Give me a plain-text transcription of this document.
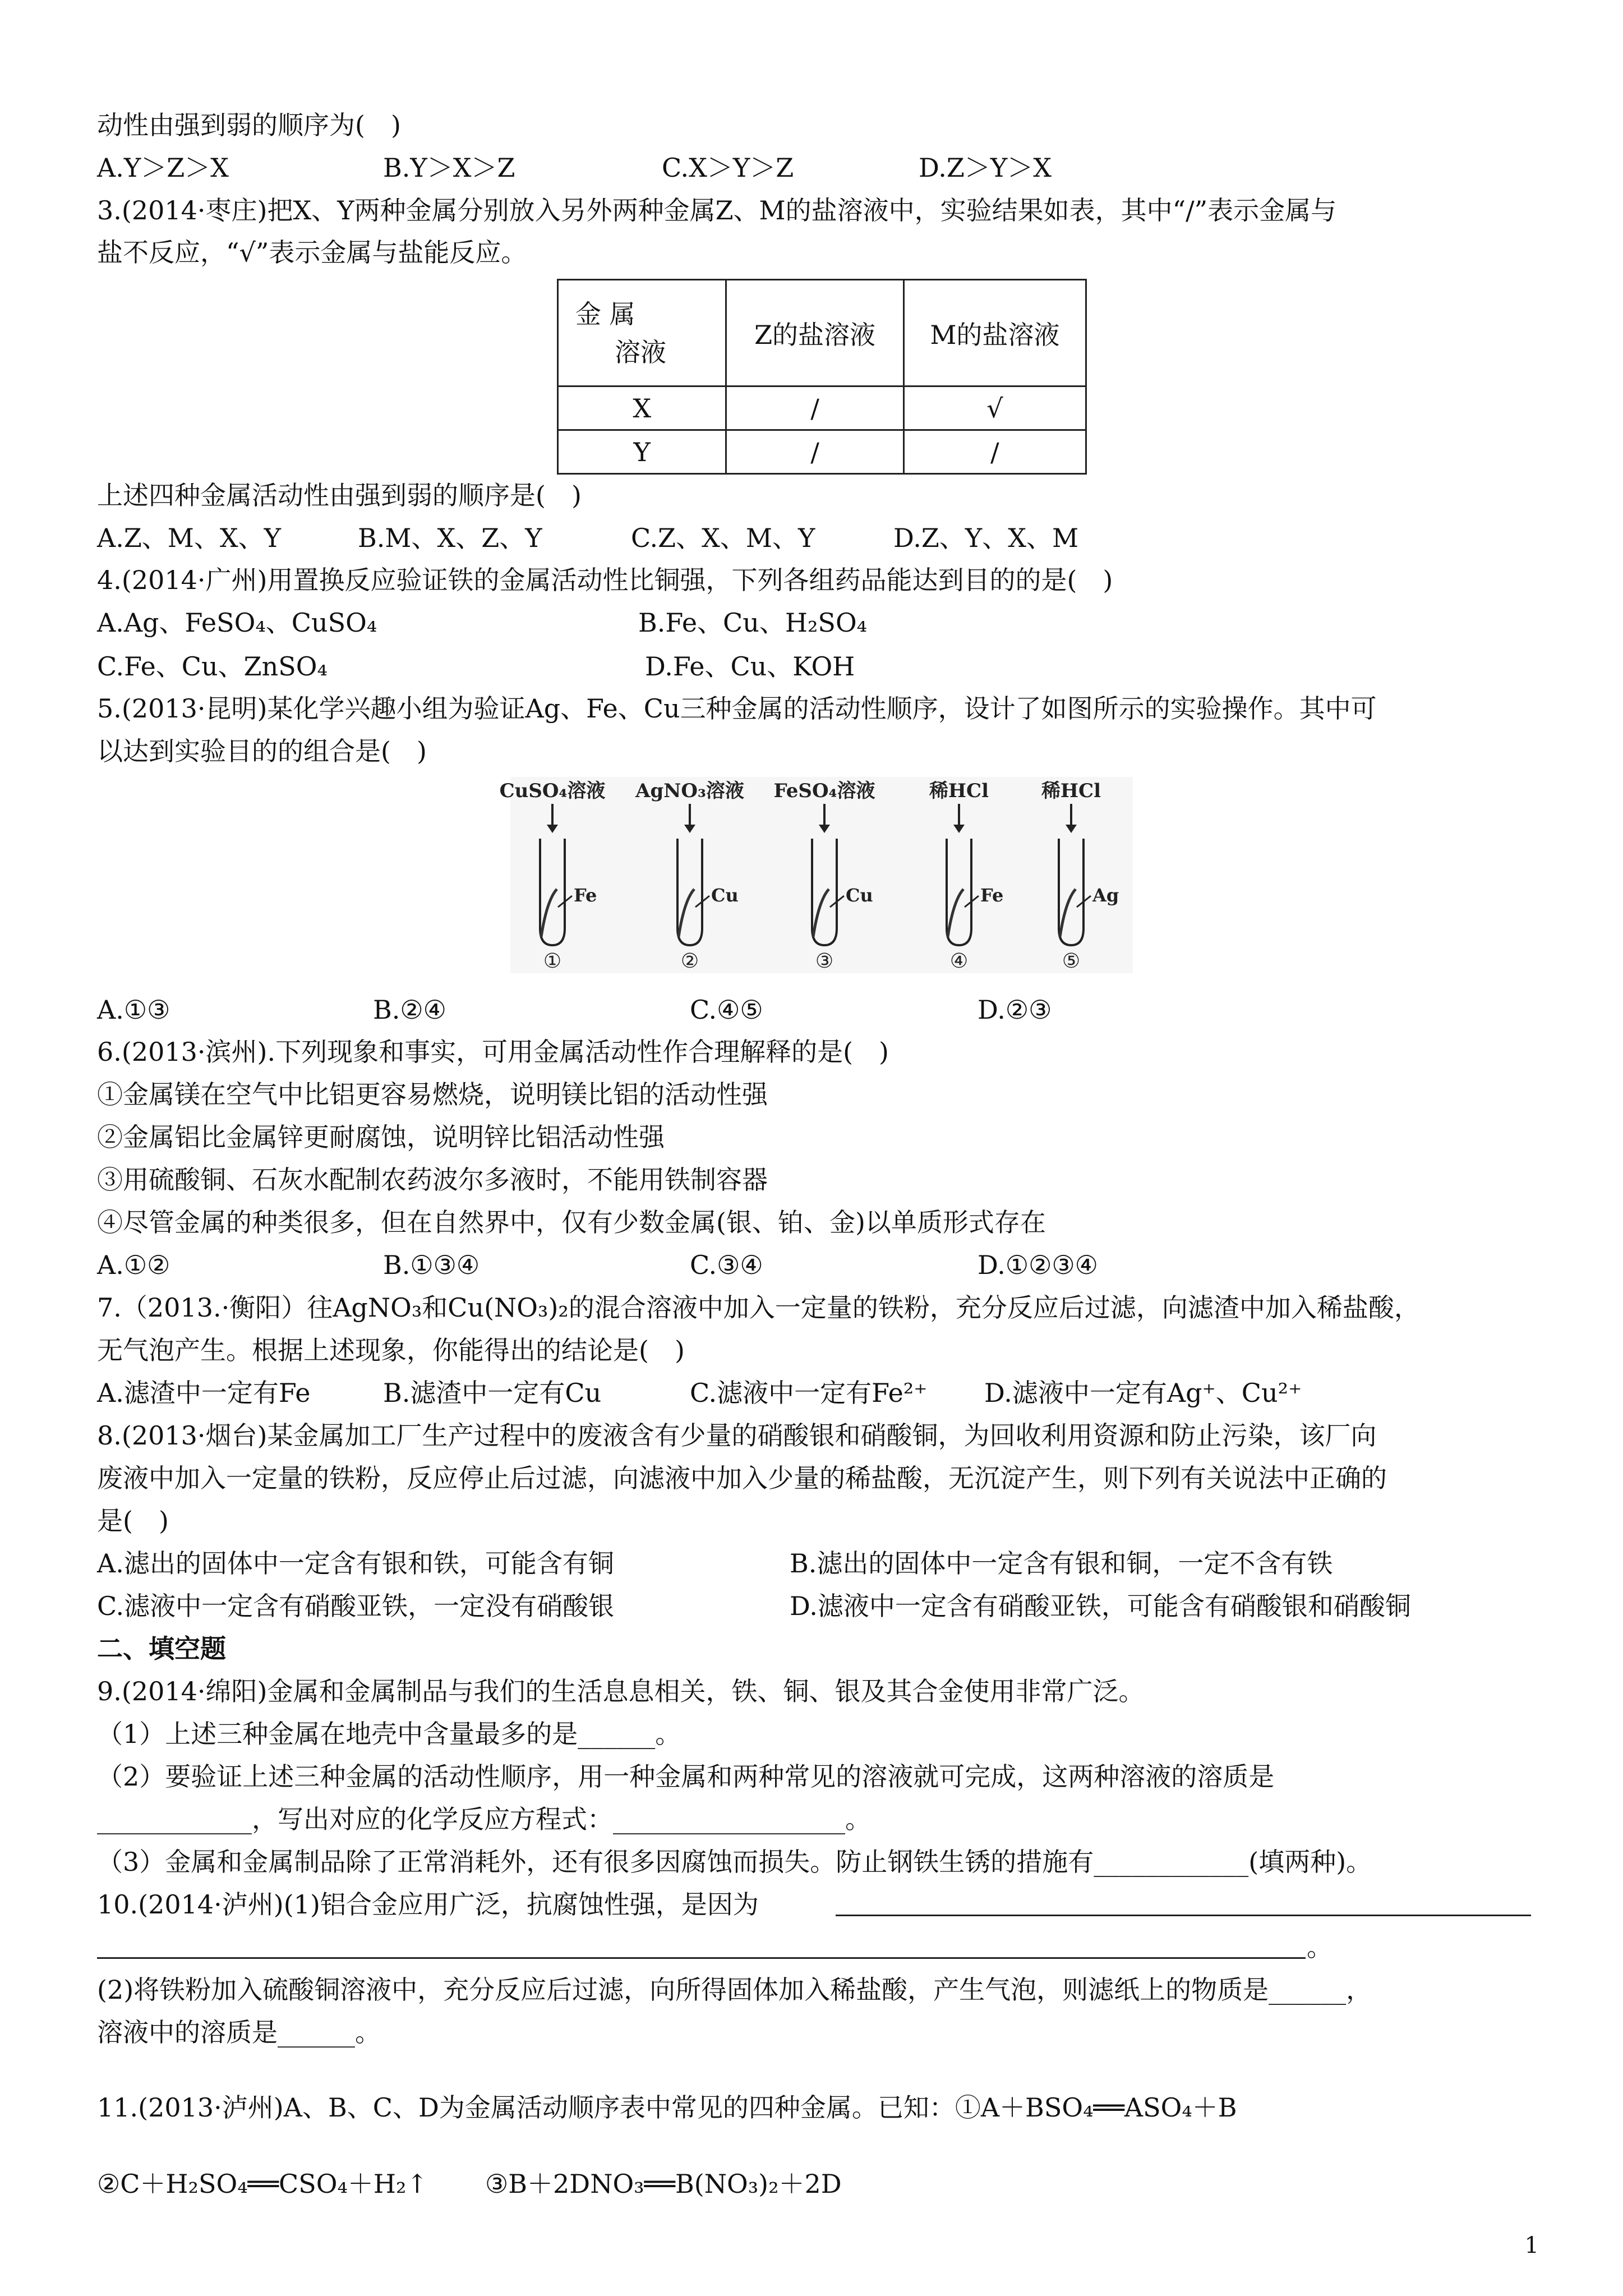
动性由强到弱的顺序为(　)
A.Y＞Z＞X	B.Y＞X＞Z	C.X＞Y＞Z	D.Z＞Y＞X
3.(2014·枣庄)把X、Y两种金属分别放入另外两种金属Z、M的盐溶液中，实验结果如表，其中“/”表示金属与
盐不反应，“√”表示金属与盐能反应。
金 属
溶液	Z的盐溶液	M的盐溶液
X	/	√
Y	/	/
上述四种金属活动性由强到弱的顺序是(　)
A.Z、M、X、Y	B.M、X、Z、Y	C.Z、X、M、Y	D.Z、Y、X、M
4.(2014·广州)用置换反应验证铁的金属活动性比铜强，下列各组药品能达到目的的是(　)
A.Ag、FeSO₄、CuSO₄	B.Fe、Cu、H₂SO₄
C.Fe、Cu、ZnSO₄	D.Fe、Cu、KOH
5.(2013·昆明)某化学兴趣小组为验证Ag、Fe、Cu三种金属的活动性顺序，设计了如图所示的实验操作。其中可
以达到实验目的的组合是(　)
CuSO₄溶液
Fe
①
AgNO₃溶液
Cu
②
FeSO₄溶液
Cu
③
稀HCl
Fe
④
稀HCl
Ag
⑤
A.①③	B.②④	C.④⑤	D.②③
6.(2013·滨州).下列现象和事实，可用金属活动性作合理解释的是(　)
①金属镁在空气中比铝更容易燃烧，说明镁比铝的活动性强
②金属铝比金属锌更耐腐蚀，说明锌比铝活动性强
③用硫酸铜、石灰水配制农药波尔多液时，不能用铁制容器
④尽管金属的种类很多，但在自然界中，仅有少数金属(银、铂、金)以单质形式存在
A.①②	B.①③④	C.③④	D.①②③④
7.（2013.·衡阳）往AgNO₃和Cu(NO₃)₂的混合溶液中加入一定量的铁粉，充分反应后过滤，向滤渣中加入稀盐酸，
无气泡产生。根据上述现象，你能得出的结论是(　)
A.滤渣中一定有Fe	B.滤渣中一定有Cu	C.滤液中一定有Fe²⁺ D.滤液中一定有Ag⁺、Cu²⁺
8.(2013·烟台)某金属加工厂生产过程中的废液含有少量的硝酸银和硝酸铜，为回收利用资源和防止污染，该厂向
废液中加入一定量的铁粉，反应停止后过滤，向滤液中加入少量的稀盐酸，无沉淀产生，则下列有关说法中正确的
是(　)
A.滤出的固体中一定含有银和铁，可能含有铜	B.滤出的固体中一定含有银和铜，一定不含有铁
C.滤液中一定含有硝酸亚铁，一定没有硝酸银	D.滤液中一定含有硝酸亚铁，可能含有硝酸银和硝酸铜
二、填空题
9.(2014·绵阳)金属和金属制品与我们的生活息息相关，铁、铜、银及其合金使用非常广泛。
（1）上述三种金属在地壳中含量最多的是______。
（2）要验证上述三种金属的活动性顺序，用一种金属和两种常见的溶液就可完成，这两种溶液的溶质是
____________，写出对应的化学反应方程式：__________________。
（3）金属和金属制品除了正常消耗外，还有很多因腐蚀而损失。防止钢铁生锈的措施有____________(填两种)。
10.(2014·泸州)(1)铝合金应用广泛，抗腐蚀性强，是因为
。
(2)将铁粉加入硫酸铜溶液中，充分反应后过滤，向所得固体加入稀盐酸，产生气泡，则滤纸上的物质是______，
溶液中的溶质是______。
11.(2013·泸州)A、B、C、D为金属活动顺序表中常见的四种金属。已知：①A＋BSO₄══ASO₄＋B
②C＋H₂SO₄══CSO₄＋H₂↑ ③B＋2DNO₃══B(NO₃)₂＋2D
1
